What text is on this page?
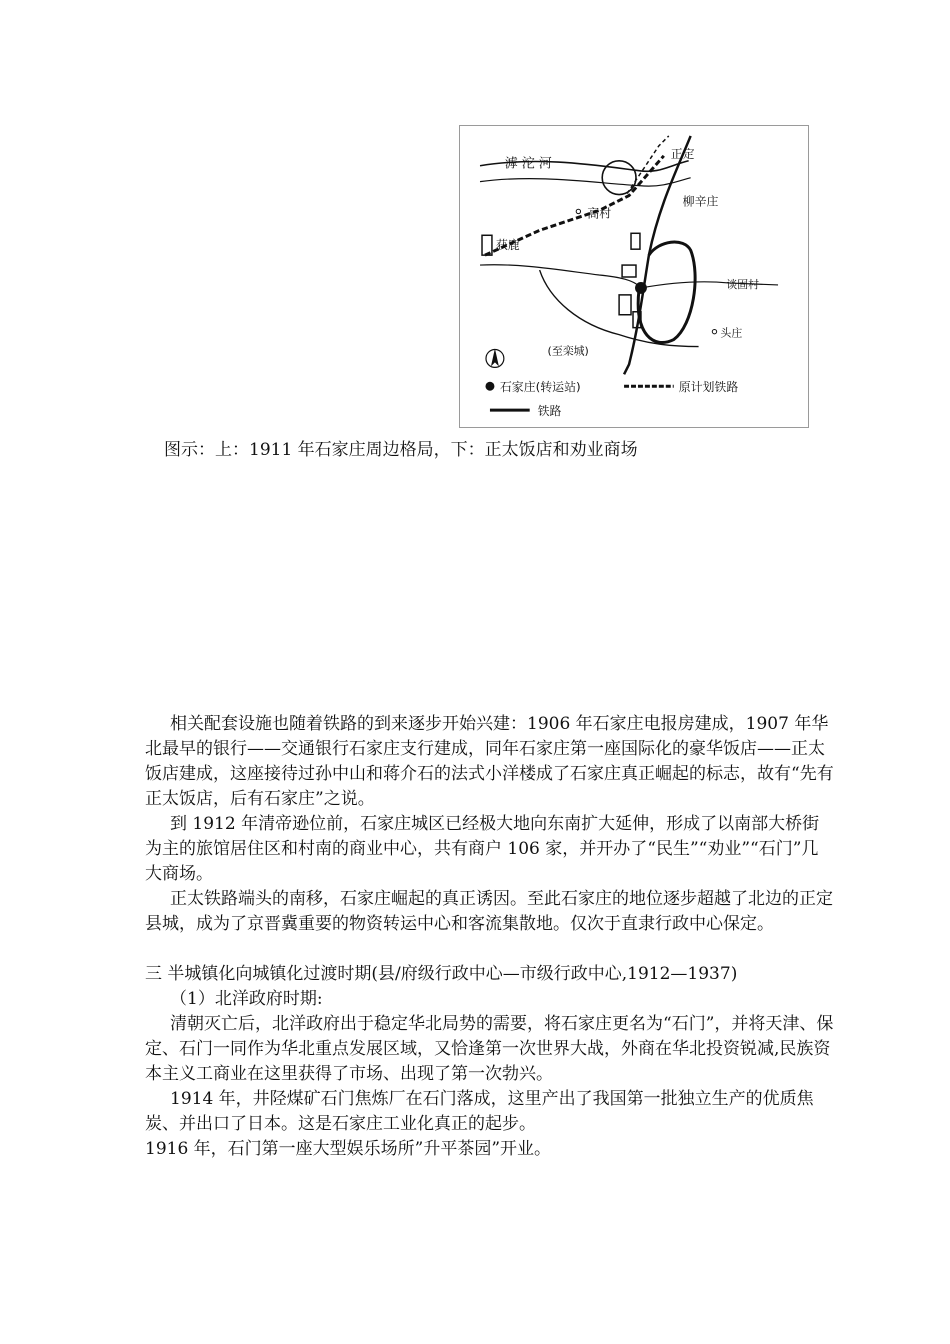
滹 沱 河
正定
柳辛庄
高村
获鹿
谈固村
头庄
(至栾城)
石家庄(转运站)	原计划铁路
铁路
图示：上：1911 年石家庄周边格局，下：正太饭店和劝业商场

相关配套设施也随着铁路的到来逐步开始兴建：1906 年石家庄电报房建成，1907 年华北最早的银行——交通银行石家庄支行建成，同年石家庄第一座国际化的豪华饭店——正太饭店建成，这座接待过孙中山和蒋介石的法式小洋楼成了石家庄真正崛起的标志，故有“先有正太饭店，后有石家庄”之说。

到 1912 年清帝逊位前，石家庄城区已经极大地向东南扩大延伸，形成了以南部大桥街为主的旅馆居住区和村南的商业中心，共有商户 106 家，并开办了“民生”“劝业”“石门”几大商场。

正太铁路端头的南移，石家庄崛起的真正诱因。至此石家庄的地位逐步超越了北边的正定县城，成为了京晋冀重要的物资转运中心和客流集散地。仅次于直隶行政中心保定。

三 半城镇化向城镇化过渡时期(县/府级行政中心—市级行政中心,1912—1937)

（1）北洋政府时期:

清朝灭亡后，北洋政府出于稳定华北局势的需要，将石家庄更名为“石门”，并将天津、保定、石门一同作为华北重点发展区域，又恰逢第一次世界大战，外商在华北投资锐减,民族资本主义工商业在这里获得了市场、出现了第一次勃兴。

1914 年，井陉煤矿石门焦炼厂在石门落成，这里产出了我国第一批独立生产的优质焦炭、并出口了日本。这是石家庄工业化真正的起步。

1916 年，石门第一座大型娱乐场所”升平茶园”开业。
